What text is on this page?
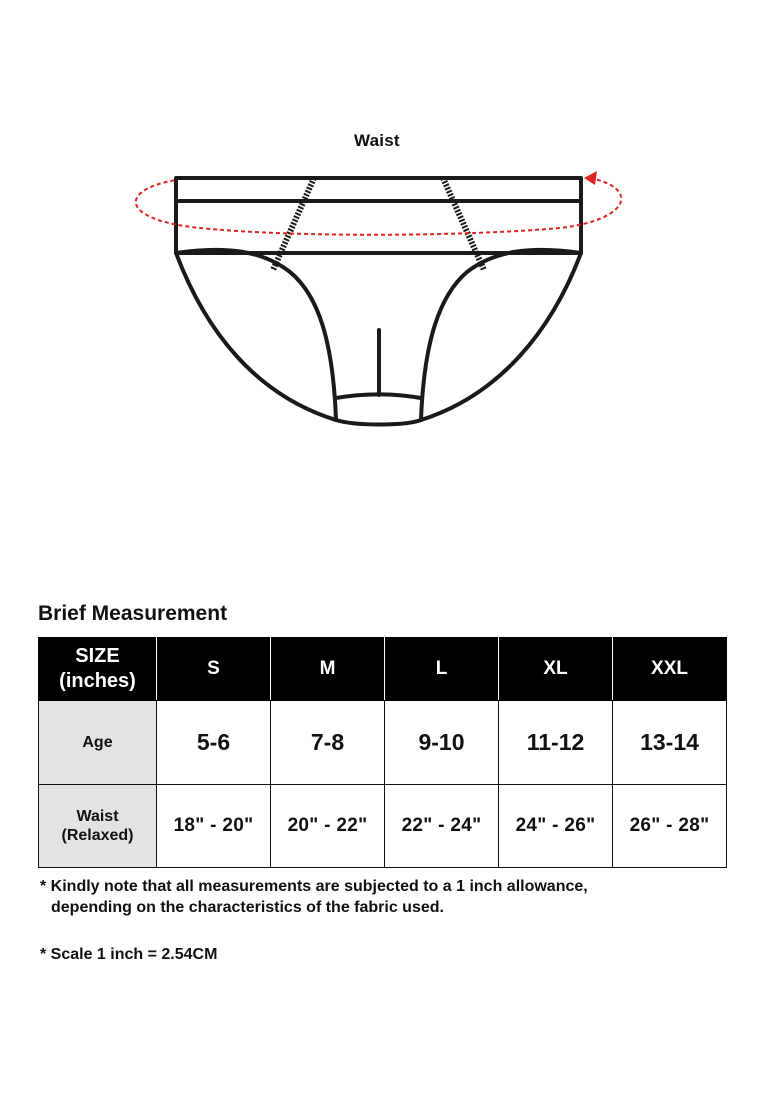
Waist
Brief Measurement
SIZE
(inches)	S	M	L	XL	XXL
Age	5-6	7-8	9-10	11-12	13-14
Waist
(Relaxed)	18" - 20"	20" - 22"	22" - 24"	24" - 26"	26" - 28"
* Kindly note that all measurements are subjected to a 1 inch allowance,
depending on the characteristics of the fabric used.
* Scale 1 inch = 2.54CM
